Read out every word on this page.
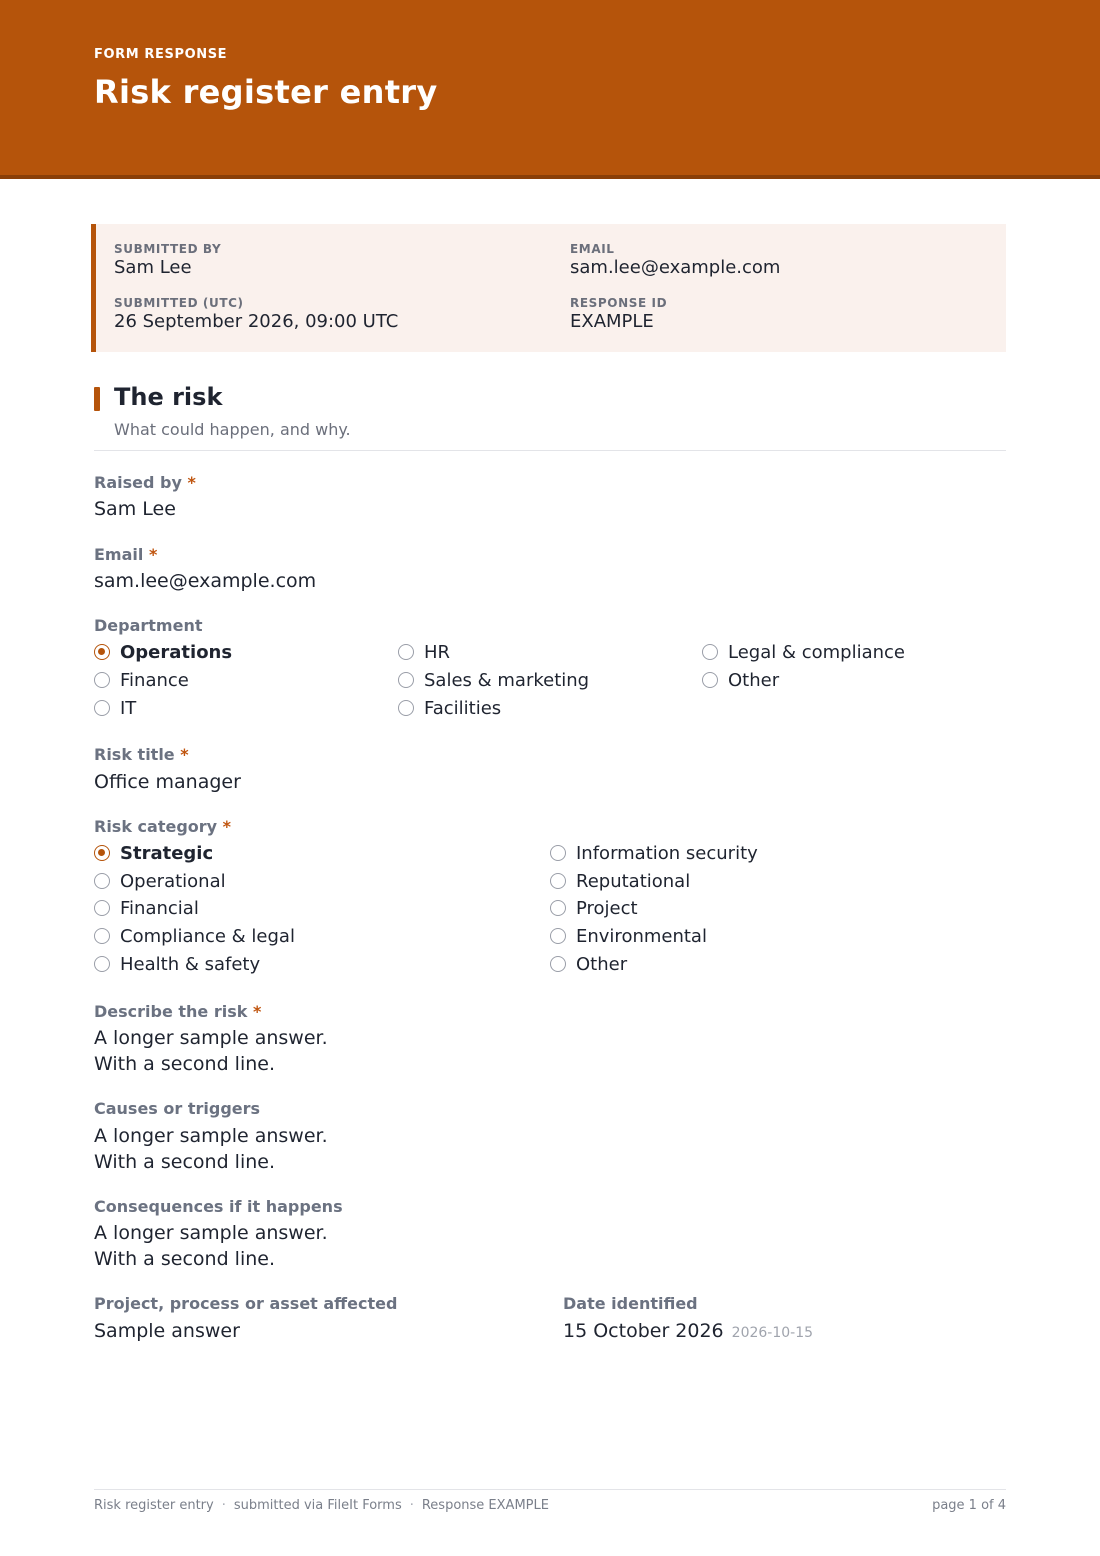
FORM RESPONSE
Risk register entry
SUBMITTED BY
Sam Lee
EMAIL
sam.lee@example.com
SUBMITTED (UTC)
26 September 2026, 09:00 UTC
RESPONSE ID
EXAMPLE
The risk
What could happen, and why.
Raised by *
Sam Lee
Email *
sam.lee@example.com
Department
Operations
Finance
IT
HR
Sales & marketing
Facilities
Legal & compliance
Other
Risk title *
Office manager
Risk category *
Strategic
Operational
Financial
Compliance & legal
Health & safety
Information security
Reputational
Project
Environmental
Other
Describe the risk *
A longer sample answer.
With a second line.
Causes or triggers
A longer sample answer.
With a second line.
Consequences if it happens
A longer sample answer.
With a second line.
Project, process or asset affected
Sample answer
Date identified
15 October 2026 2026-10-15
Risk register entry · submitted via FileIt Forms · Response EXAMPLE	page 1 of 4
